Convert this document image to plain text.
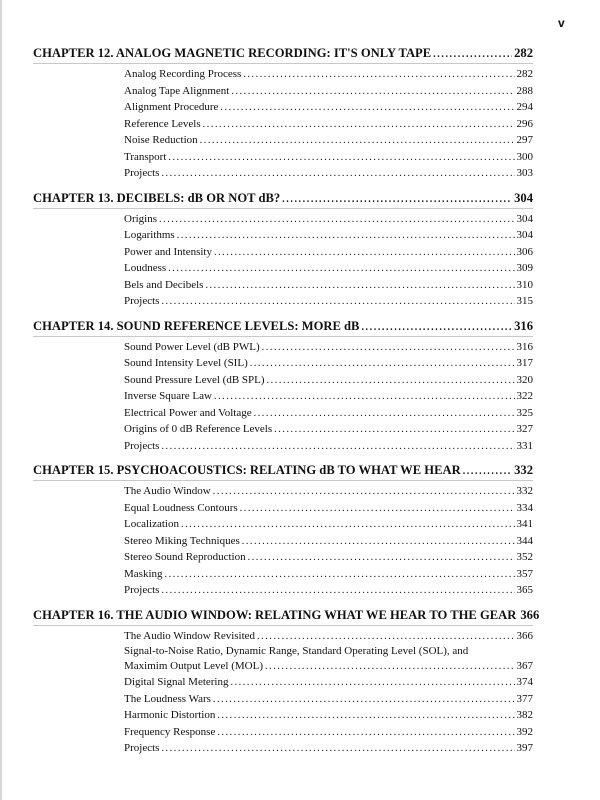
v
CHAPTER 12. ANALOG MAGNETIC RECORDING: IT'S ONLY TAPE .....	282
Analog Recording Process .....	282
Analog Tape Alignment .....	288
Alignment Procedure .....	294
Reference Levels .....	296
Noise Reduction .....	297
Transport .....	300
Projects .....	303
CHAPTER 13. DECIBELS: dB OR NOT dB? .....	304
Origins .....	304
Logarithms .....	304
Power and Intensity .....	306
Loudness .....	309
Bels and Decibels .....	310
Projects .....	315
CHAPTER 14. SOUND REFERENCE LEVELS: MORE dB .....	316
Sound Power Level (dB PWL) .....	316
Sound Intensity Level (SIL) .....	317
Sound Pressure Level (dB SPL) .....	320
Inverse Square Law .....	322
Electrical Power and Voltage .....	325
Origins of 0 dB Reference Levels .....	327
Projects .....	331
CHAPTER 15. PSYCHOACOUSTICS: RELATING dB TO WHAT WE HEAR .....	332
The Audio Window .....	332
Equal Loudness Contours .....	334
Localization .....	341
Stereo Miking Techniques .....	344
Stereo Sound Reproduction .....	352
Masking .....	357
Projects .....	365
CHAPTER 16. THE AUDIO WINDOW: RELATING WHAT WE HEAR TO THE GEAR 366
The Audio Window Revisited .....	366
Signal-to-Noise Ratio, Dynamic Range, Standard Operating Level (SOL), and
Maximim Output Level (MOL) .....	367
Digital Signal Metering .....	374
The Loudness Wars .....	377
Harmonic Distortion .....	382
Frequency Response .....	392
Projects .....	397
